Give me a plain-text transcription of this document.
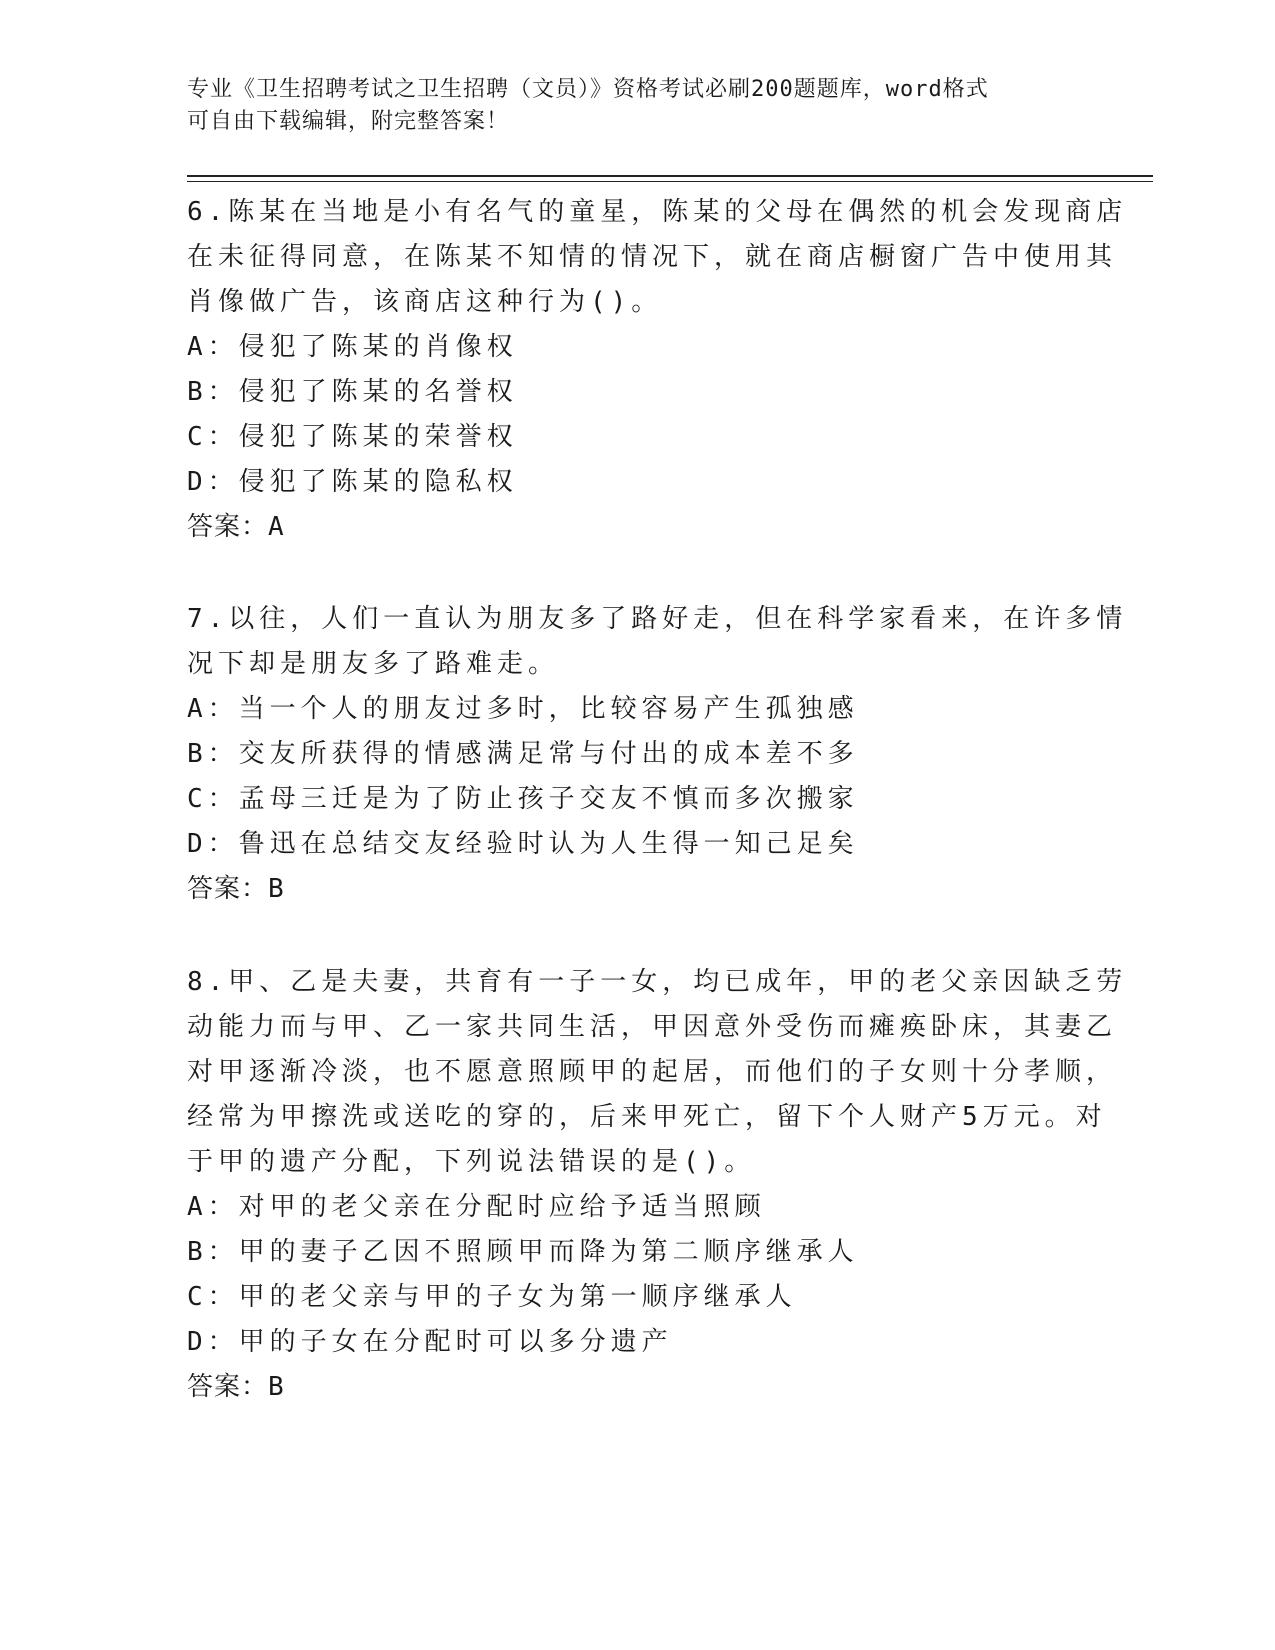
专业《卫生招聘考试之卫生招聘（文员）》资格考试必刷200题题库，word格式
可自由下载编辑，附完整答案！
6.陈某在当地是小有名气的童星，陈某的父母在偶然的机会发现商店
在未征得同意，在陈某不知情的情况下，就在商店橱窗广告中使用其
肖像做广告，该商店这种行为()。
A：侵犯了陈某的肖像权
B：侵犯了陈某的名誉权
C：侵犯了陈某的荣誉权
D：侵犯了陈某的隐私权
答案：A
7.以往，人们一直认为朋友多了路好走，但在科学家看来，在许多情
况下却是朋友多了路难走。
A：当一个人的朋友过多时，比较容易产生孤独感
B：交友所获得的情感满足常与付出的成本差不多
C：孟母三迁是为了防止孩子交友不慎而多次搬家
D：鲁迅在总结交友经验时认为人生得一知己足矣
答案：B
8.甲、乙是夫妻，共育有一子一女，均已成年，甲的老父亲因缺乏劳
动能力而与甲、乙一家共同生活，甲因意外受伤而瘫痪卧床，其妻乙
对甲逐渐冷淡，也不愿意照顾甲的起居，而他们的子女则十分孝顺，
经常为甲擦洗或送吃的穿的，后来甲死亡，留下个人财产5万元。对
于甲的遗产分配，下列说法错误的是()。
A：对甲的老父亲在分配时应给予适当照顾
B：甲的妻子乙因不照顾甲而降为第二顺序继承人
C：甲的老父亲与甲的子女为第一顺序继承人
D：甲的子女在分配时可以多分遗产
答案：B
